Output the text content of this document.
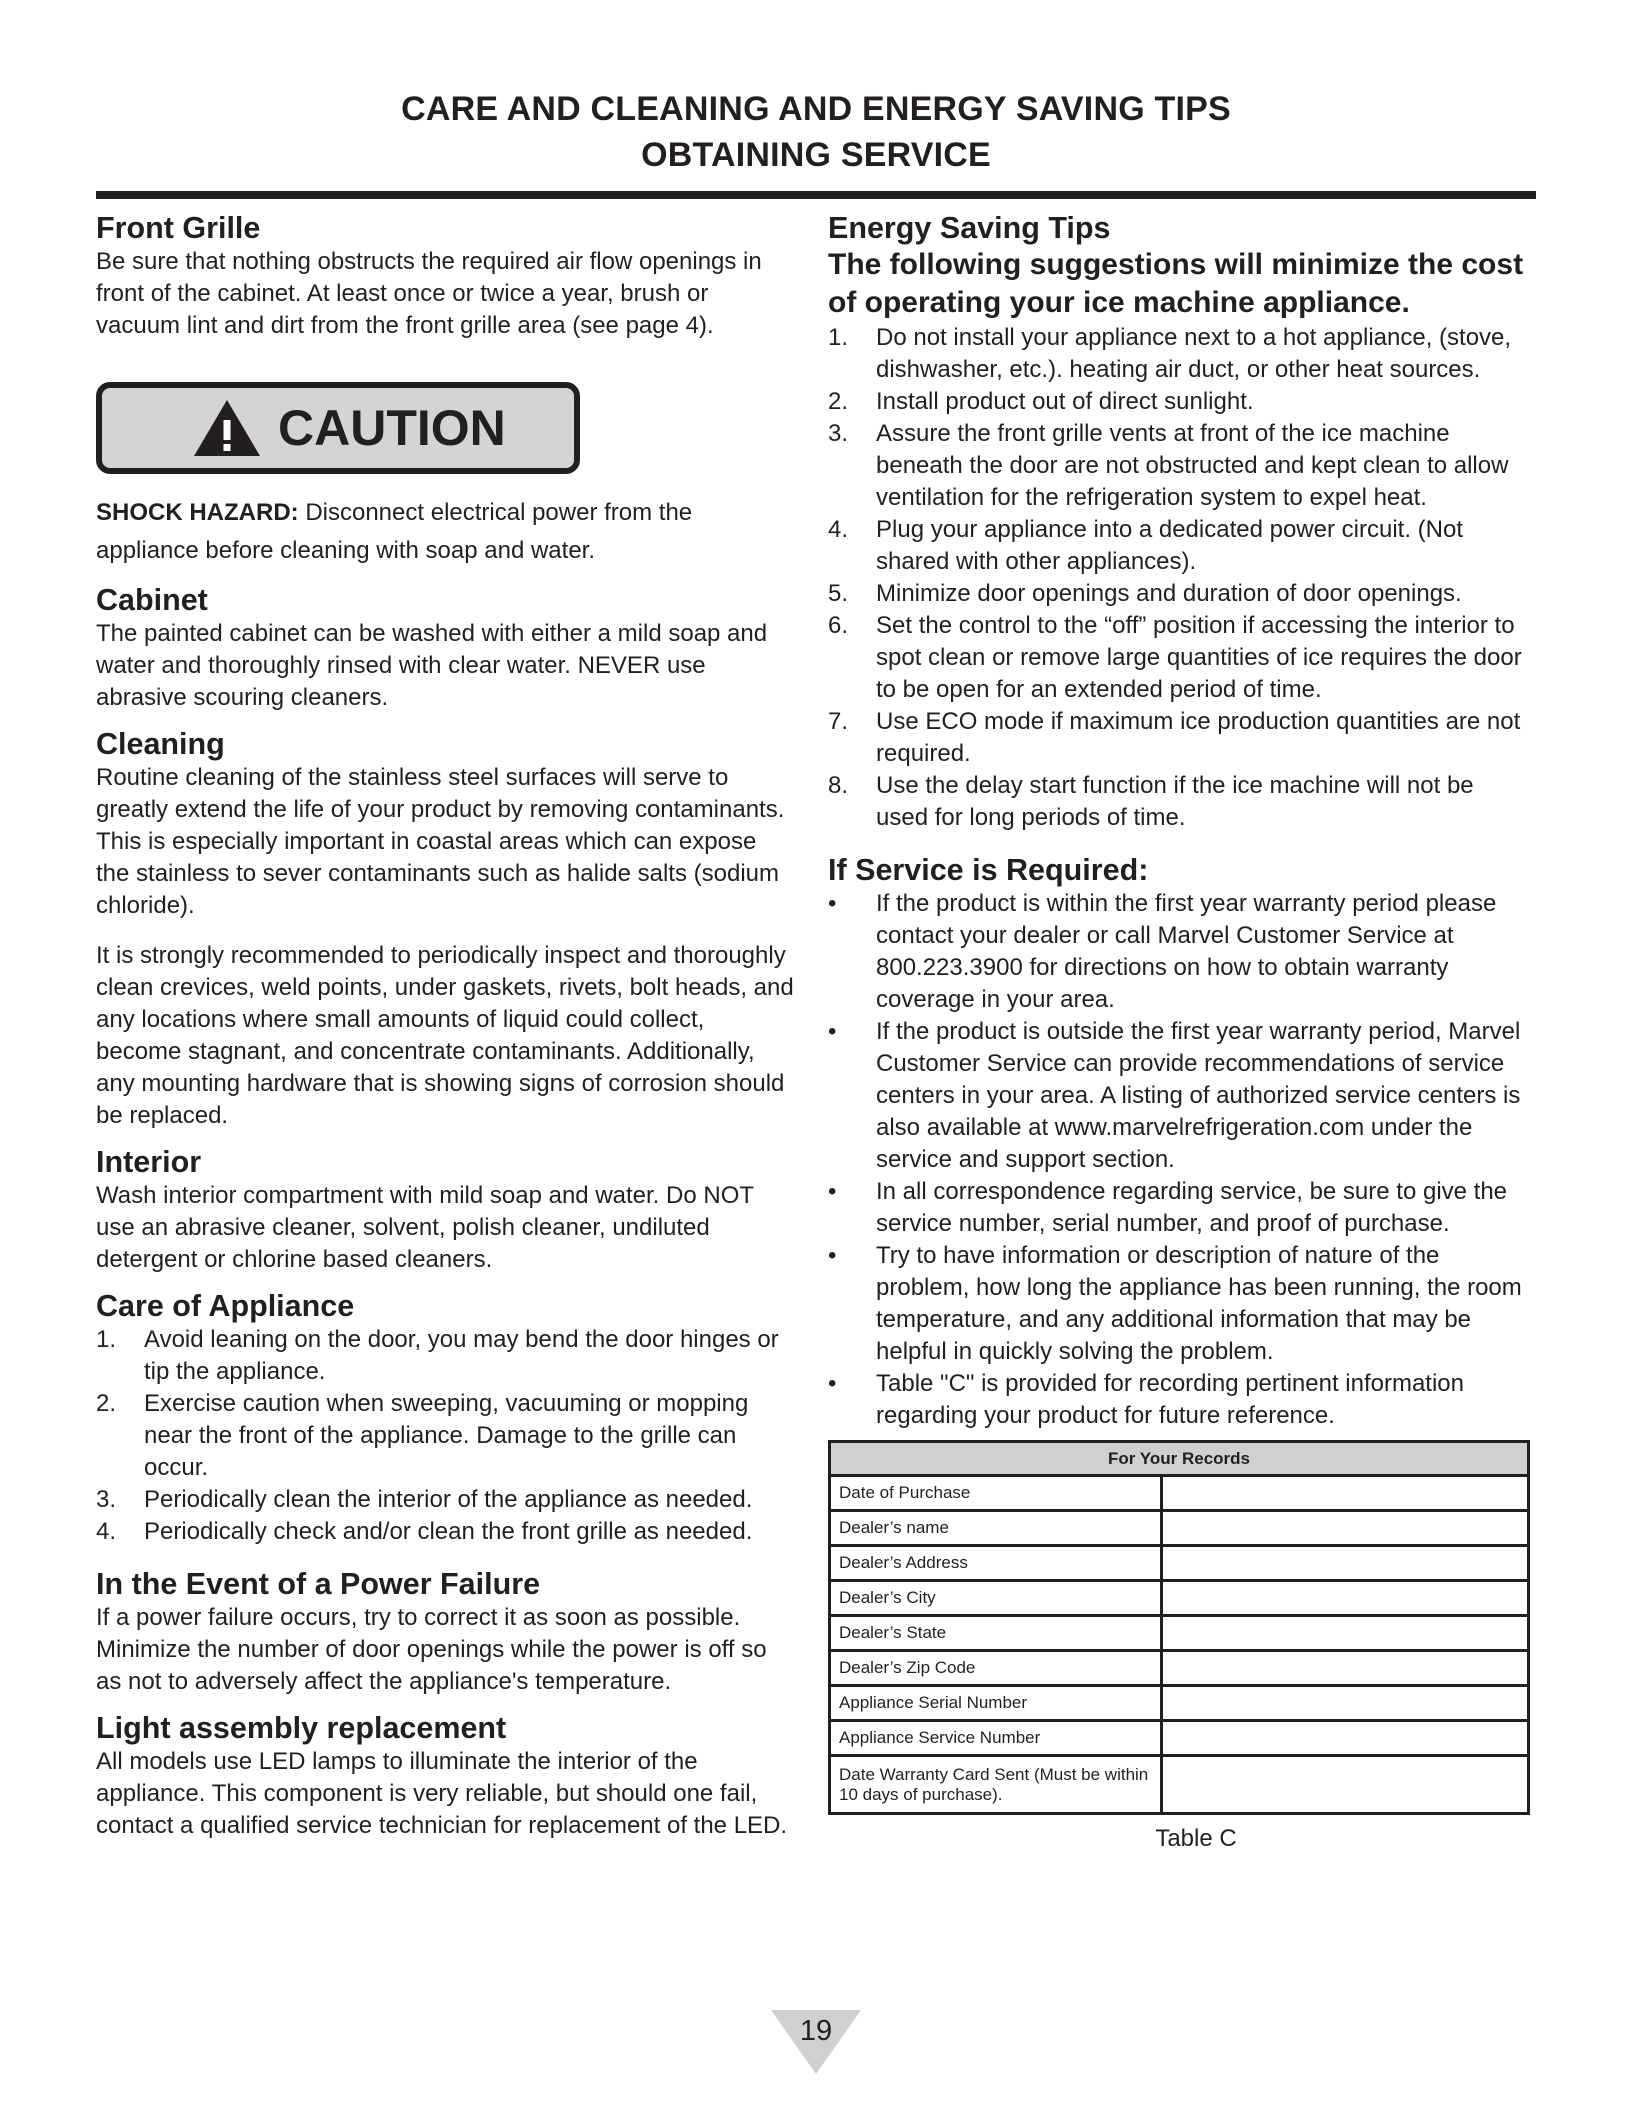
CARE AND CLEANING AND ENERGY SAVING TIPS
OBTAINING SERVICE
Front Grille

Be sure that nothing obstructs the required air flow openings in front of the cabinet. At least once or twice a year, brush or vacuum lint and dirt from the front grille area (see page 4).

CAUTION

SHOCK HAZARD: Disconnect electrical power from the appliance before cleaning with soap and water.

Cabinet

The painted cabinet can be washed with either a mild soap and water and thoroughly rinsed with clear water. NEVER use abrasive scouring cleaners.

Cleaning

Routine cleaning of the stainless steel surfaces will serve to greatly extend the life of your product by removing contaminants. This is especially important in coastal areas which can expose the stainless to sever contaminants such as halide salts (sodium chloride).

It is strongly recommended to periodically inspect and thoroughly clean crevices, weld points, under gaskets, rivets, bolt heads, and any locations where small amounts of liquid could collect, become stagnant, and concentrate contaminants. Additionally, any mounting hardware that is showing signs of corrosion should be replaced.

Interior

Wash interior compartment with mild soap and water. Do NOT use an abrasive cleaner, solvent, polish cleaner, undiluted detergent or chlorine based cleaners.

Care of Appliance
1.	Avoid leaning on the door, you may bend the door hinges or tip the appliance.
2.	Exercise caution when sweeping, vacuuming or mopping near the front of the appliance. Damage to the grille can occur.
3.	Periodically clean the interior of the appliance as needed.
4.	Periodically check and/or clean the front grille as needed.
In the Event of a Power Failure

If a power failure occurs, try to correct it as soon as possible. Minimize the number of door openings while the power is off so as not to adversely affect the appliance's temperature.

Light assembly replacement

All models use LED lamps to illuminate the interior of the appliance. This component is very reliable, but should one fail, contact a qualified service technician for replacement of the LED.

Energy Saving Tips
The following suggestions will minimize the cost of operating your ice machine appliance.
1.	Do not install your appliance next to a hot appliance, (stove, dishwasher, etc.). heating air duct, or other heat sources.
2.	Install product out of direct sunlight.
3.	Assure the front grille vents at front of the ice machine beneath the door are not obstructed and kept clean to allow ventilation for the refrigeration system to expel heat.
4.	Plug your appliance into a dedicated power circuit. (Not shared with other appliances).
5.	Minimize door openings and duration of door openings.
6.	Set the control to the “off” position if accessing the interior to spot clean or remove large quantities of ice requires the door to be open for an extended period of time.
7.	Use ECO mode if maximum ice production quantities are not required.
8.	Use the delay start function if the ice machine will not be used for long periods of time.
If Service is Required:
•	If the product is within the first year warranty period please contact your dealer or call Marvel Customer Service at 800.223.3900 for directions on how to obtain warranty coverage in your area.
•	If the product is outside the first year warranty period, Marvel Customer Service can provide recommendations of service centers in your area. A listing of authorized service centers is also available at www.marvelrefrigeration.com under the service and support section.
•	In all correspondence regarding service, be sure to give the service number, serial number, and proof of purchase.
•	Try to have information or description of nature of the problem, how long the appliance has been running, the room temperature, and any additional information that may be helpful in quickly solving the problem.
•	Table "C" is provided for recording pertinent information regarding your product for future reference.
For Your Records	
Date of Purchase	
Dealer’s name	
Dealer’s Address	
Dealer’s City	
Dealer’s State	
Dealer’s Zip Code	
Appliance Serial Number	
Appliance Service Number	
Date Warranty Card Sent (Must be within 10 days of purchase).	
Table C
19
